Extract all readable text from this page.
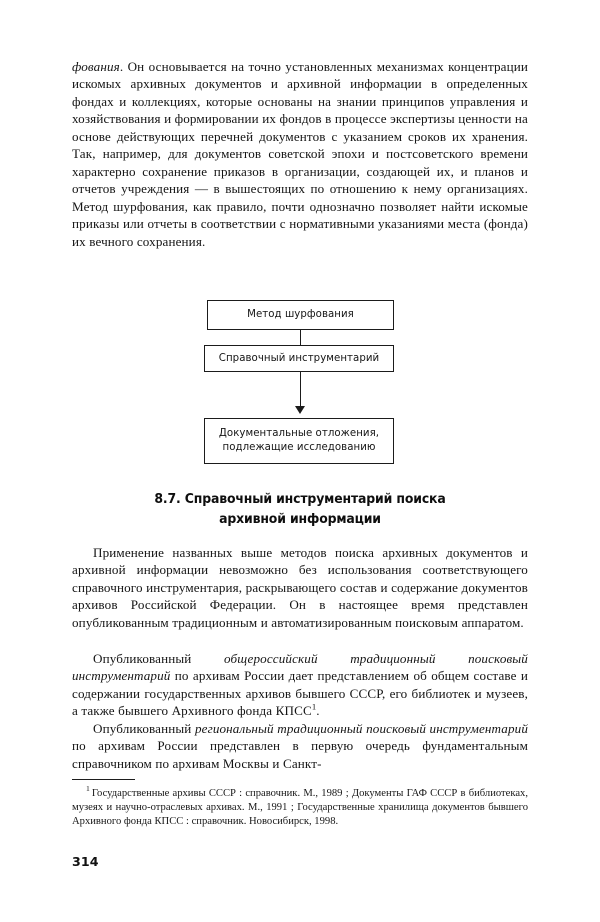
фования. Он основывается на точно установленных механизмах концентрации искомых архивных документов и архивной информации в определенных фондах и коллекциях, которые основаны на знании принципов управления и хозяйствования и формировании их фондов в процессе экспертизы ценности на основе действующих перечней документов с указанием сроков их хранения. Так, например, для документов советской эпохи и постсоветского времени характерно сохранение приказов в организации, создающей их, и планов и отчетов учреждения — в вышестоящих по отношению к нему организациях. Метод шурфования, как правило, почти однозначно позволяет найти искомые приказы или отчеты в соответствии с нормативными указаниями места (фонда) их вечного сохранения.

Метод шурфования
Справочный инструментарий
Документальные отложения,
подлежащие исследованию
8.7. Справочный инструментарий поиска
архивной информации

Применение названных выше методов поиска архивных документов и архивной информации невозможно без использования соответствующего справочного инструментария, раскрывающего состав и содержание документов архивов Российской Федерации. Он в настоящее время представлен опубликованным традиционным и автоматизированным поисковым аппаратом.

Опубликованный общероссийский традиционный поисковый инструментарий по архивам России дает представлением об общем составе и содержании государственных архивов бывшего СССР, его библиотек и музеев, а также бывшего Архивного фонда КПСС$^1$.

Опубликованный региональный традиционный поисковый инструментарий по архивам России представлен в первую очередь фундаментальным справочником по архивам Москвы и Санкт-

$^1$ Государственные архивы СССР : справочник. М., 1989 ; Документы ГАФ СССР в библиотеках, музеях и научно-отраслевых архивах. М., 1991 ; Государственные хранилища документов бывшего Архивного фонда КПСС : справочник. Новосибирск, 1998.

314
